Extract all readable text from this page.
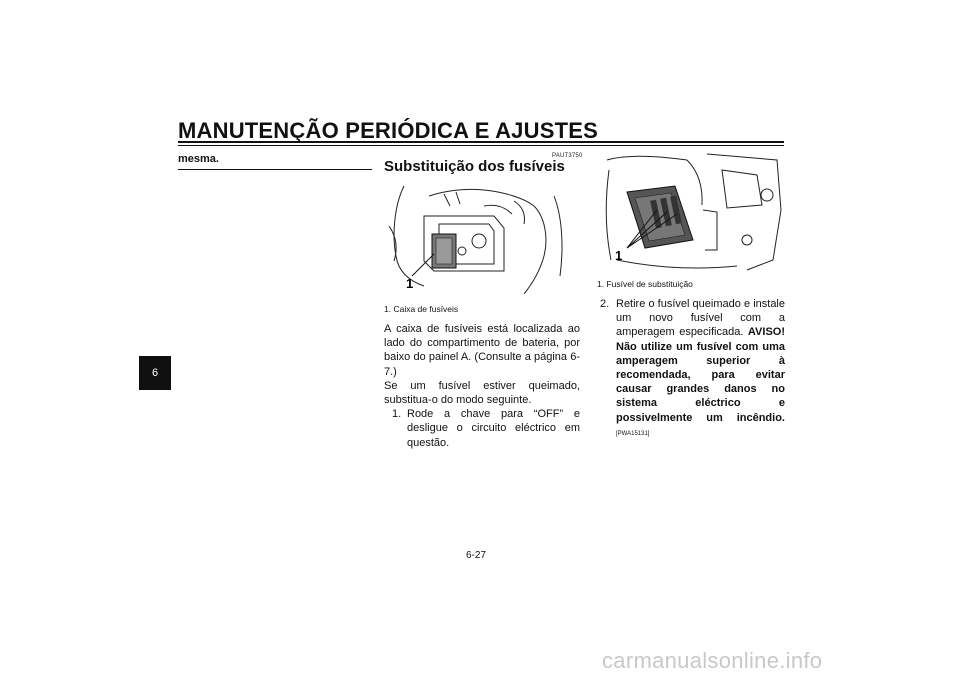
MANUTENÇÃO PERIÓDICA E AJUSTES
6
mesma.	PAUT3750
Substituição dos fusíveis
1
1. Caixa de fusíveis

A caixa de fusíveis está localizada ao lado do compartimento de bateria, por baixo do painel A. (Consulte a página 6-7.)

Se um fusível estiver queimado, substitua-o do modo seguinte.

1. Rode a chave para “OFF” e desligue o circuito eléctrico em questão.
1
1. Fusível de substituição
2. Retire o fusível queimado e instale um novo fusível com a amperagem especificada. AVISO! Não utilize um fusível com uma amperagem superior à recomendada, para evitar causar grandes danos no sistema eléctrico e possivelmente um incêndio.[PWA15131]
6-27
carmanualsonline.info
